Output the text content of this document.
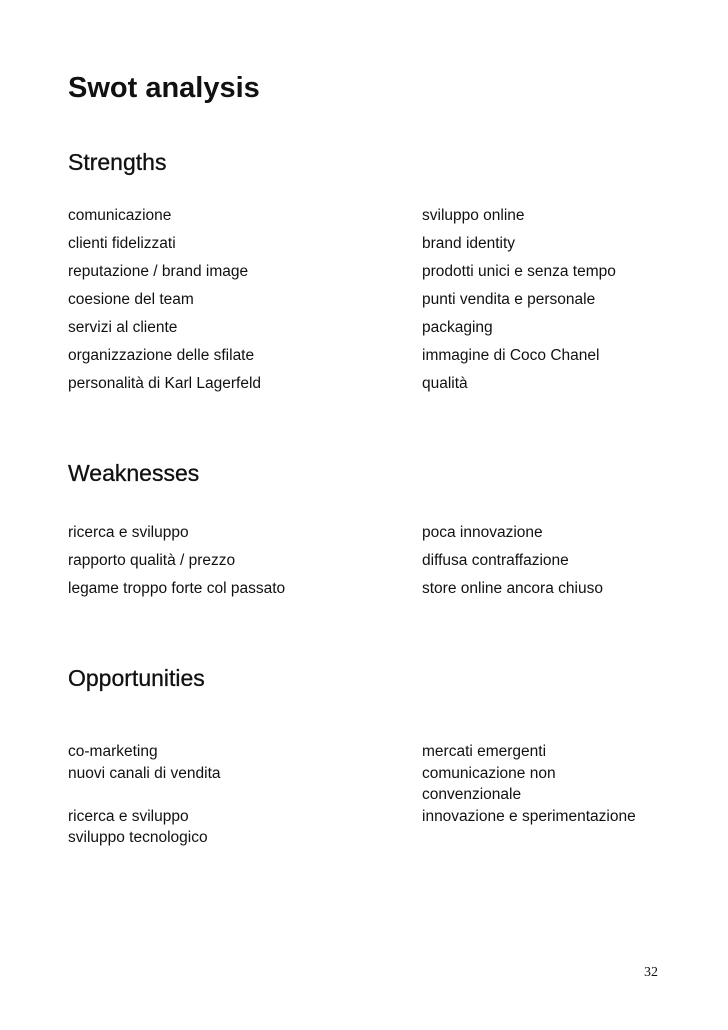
Swot analysis
Strengths
comunicazione
clienti fidelizzati
reputazione / brand image
coesione del team
servizi al cliente
organizzazione delle sfilate
personalità di Karl Lagerfeld
sviluppo online
brand identity
prodotti unici e senza tempo
punti vendita e personale
packaging
immagine di Coco Chanel
qualità
Weaknesses
ricerca e sviluppo
rapporto qualità / prezzo
legame troppo forte col passato
poca innovazione
diffusa contraffazione
store online ancora chiuso
Opportunities
co-marketing
nuovi canali di vendita
ricerca e sviluppo
sviluppo tecnologico
mercati emergenti
comunicazione non convenzionale
innovazione e sperimentazione
32
